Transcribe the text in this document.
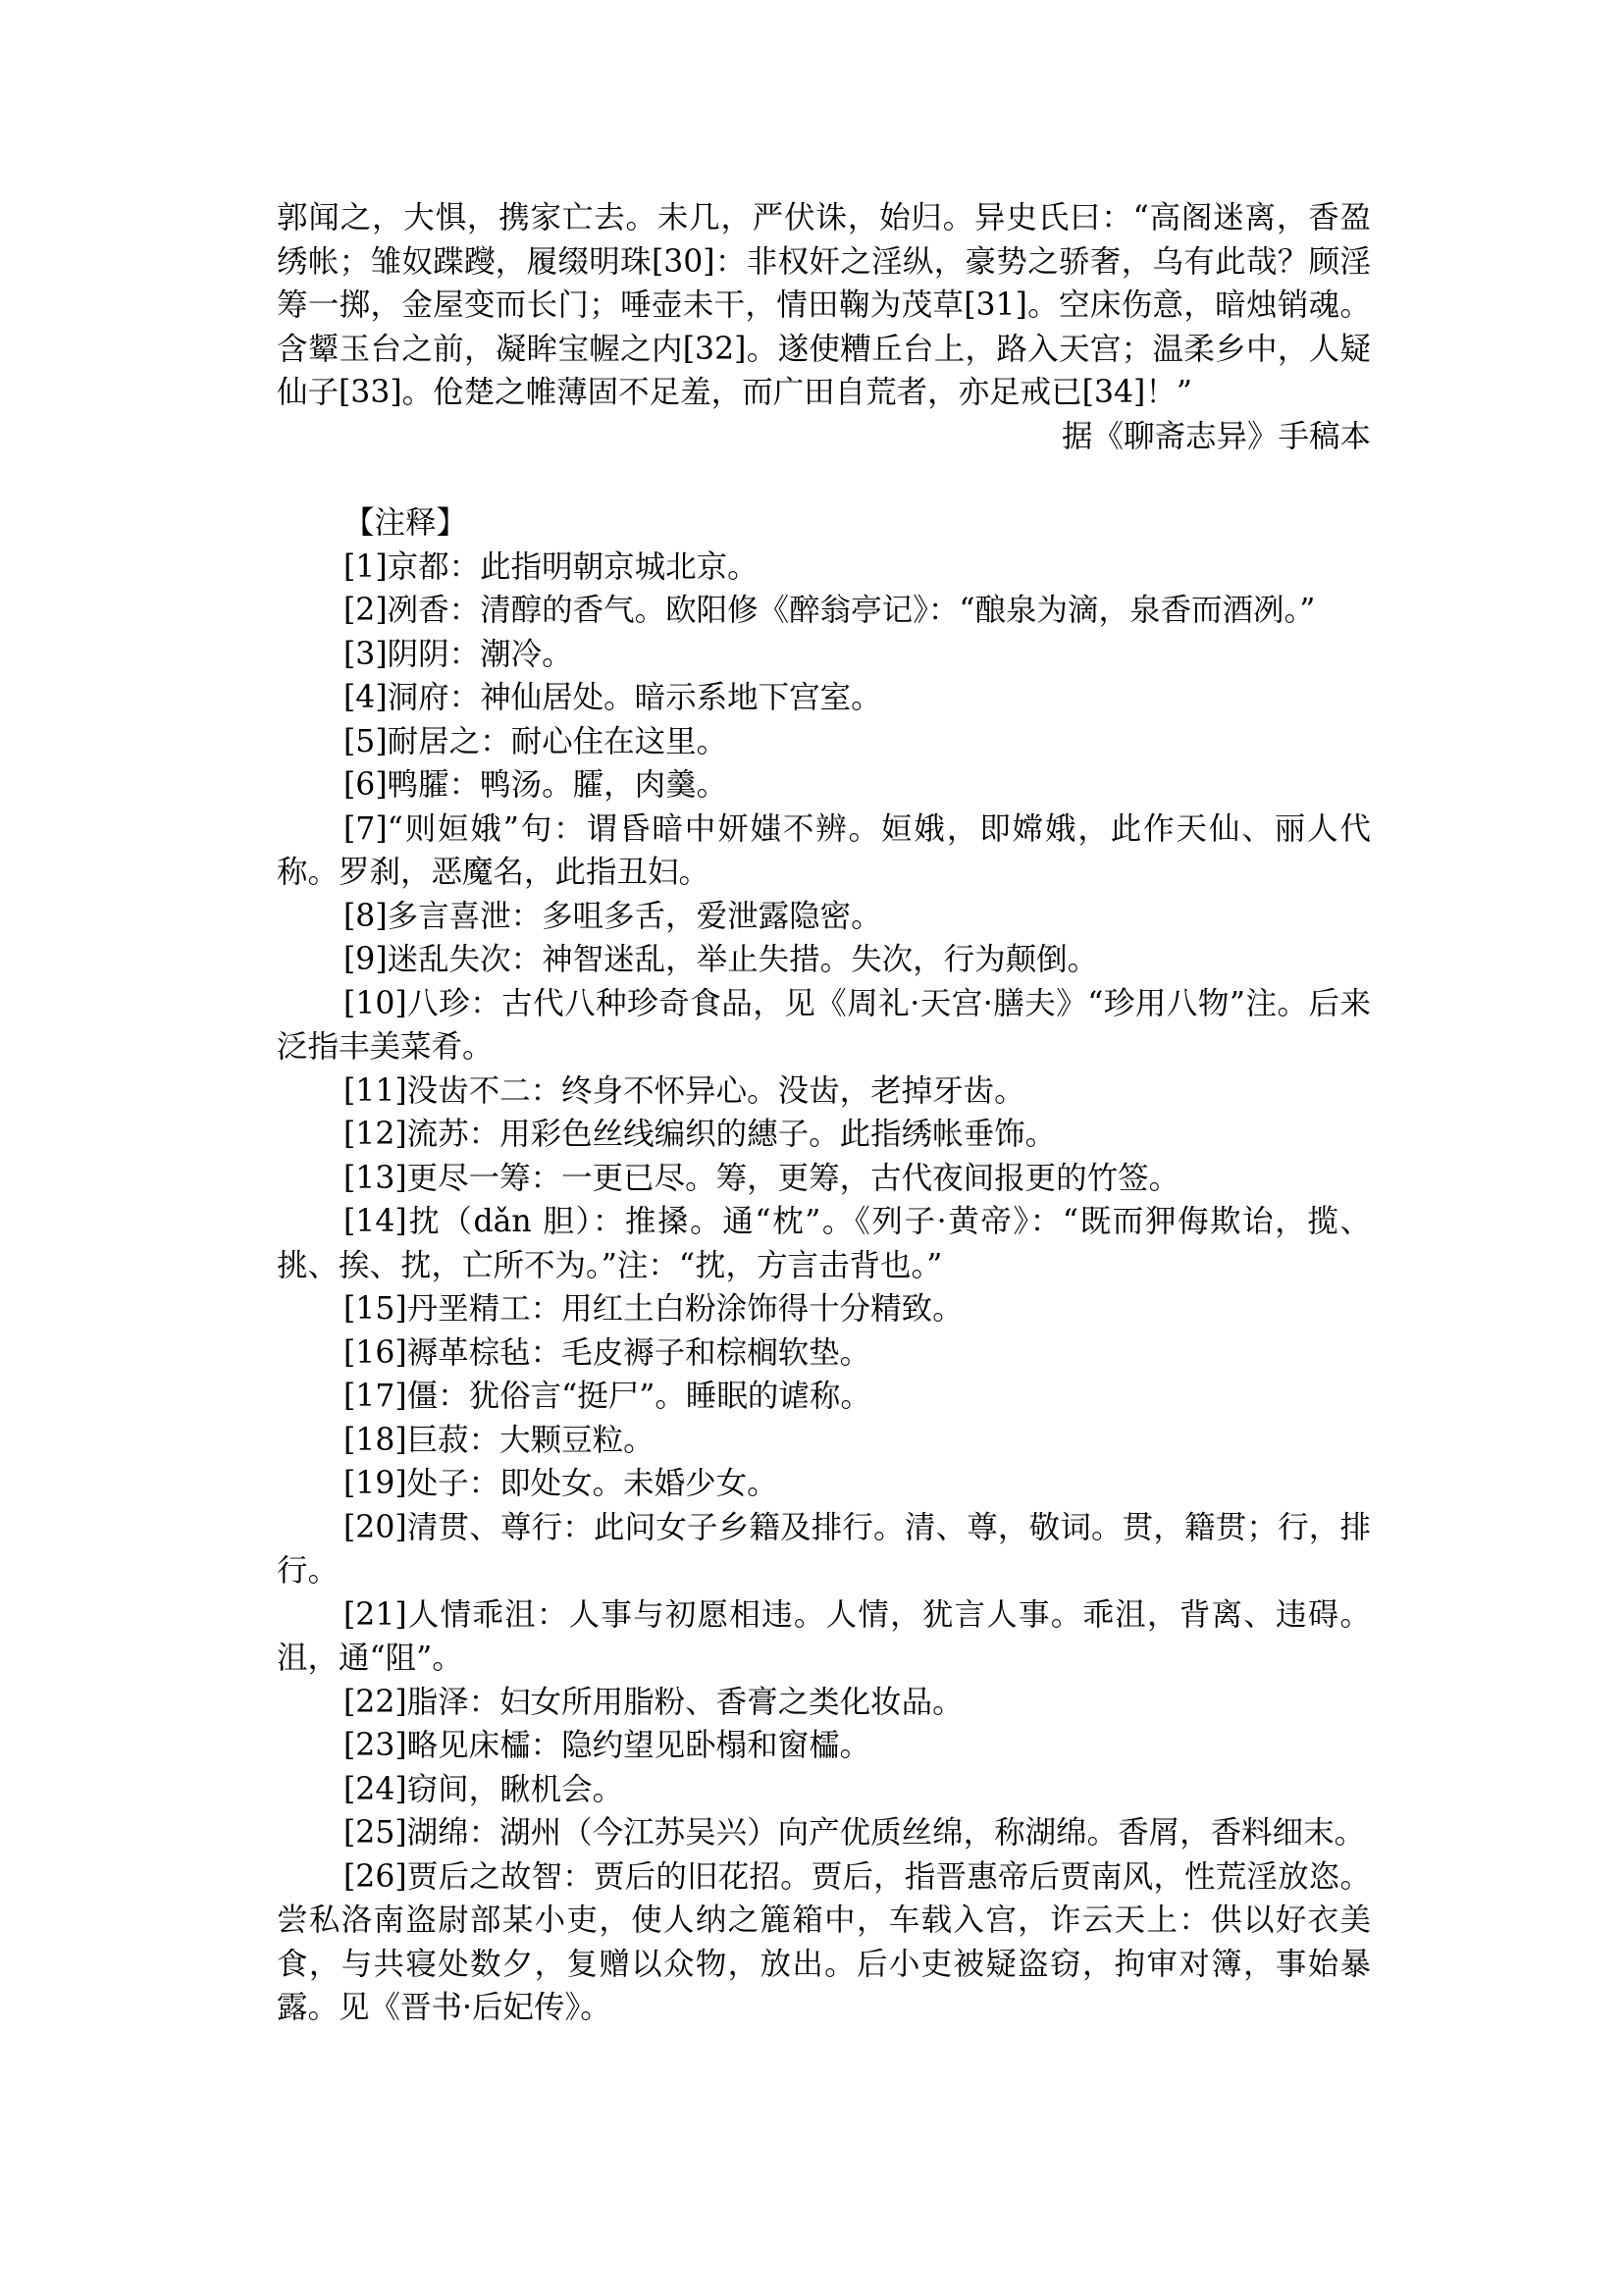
郭闻之，大惧，携家亡去。未几，严伏诛，始归。异史氏曰：“高阁迷离，香盈绣帐；雏奴蹀躞，履缀明珠[30]：非权奸之淫纵，豪势之骄奢，乌有此哉？顾淫筹一掷，金屋变而长门；唾壶未干，情田鞠为茂草[31]。空床伤意，暗烛销魂。含颦玉台之前，凝眸宝幄之内[32]。遂使糟丘台上，路入天宫；温柔乡中，人疑仙子[33]。伧楚之帷薄固不足羞，而广田自荒者，亦足戒已[34]！”

据《聊斋志异》手稿本

【注释】

[1]京都：此指明朝京城北京。

[2]冽香：清醇的香气。欧阳修《醉翁亭记》：“酿泉为滴，泉香而酒冽。”

[3]阴阴：潮冷。

[4]洞府：神仙居处。暗示系地下宫室。

[5]耐居之：耐心住在这里。

[6]鸭臛：鸭汤。臛，肉羹。

[7]“则姮娥”句：谓昏暗中妍媸不辨。姮娥，即嫦娥，此作天仙、丽人代称。罗刹，恶魔名，此指丑妇。

[8]多言喜泄：多咀多舌，爱泄露隐密。

[9]迷乱失次：神智迷乱，举止失措。失次，行为颠倒。

[10]八珍：古代八种珍奇食品，见《周礼·天宫·膳夫》“珍用八物”注。后来泛指丰美菜肴。

[11]没齿不二：终身不怀异心。没齿，老掉牙齿。

[12]流苏：用彩色丝线编织的繐子。此指绣帐垂饰。

[13]更尽一筹：一更已尽。筹，更筹，古代夜间报更的竹签。

[14]抌（dǎn 胆）：推搡。通“枕”。《列子·黄帝》：“既而狎侮欺诒，揽、挑、挨、抌，亡所不为。”注：“抌，方言击背也。”

[15]丹垩精工：用红土白粉涂饰得十分精致。

[16]褥革棕毡：毛皮褥子和棕榈软垫。

[17]僵：犹俗言“挺尸”。睡眠的谑称。

[18]巨菽：大颗豆粒。

[19]处子：即处女。未婚少女。

[20]清贯、尊行：此问女子乡籍及排行。清、尊，敬词。贯，籍贯；行，排行。

[21]人情乖沮：人事与初愿相违。人情，犹言人事。乖沮，背离、违碍。沮，通“阻”。

[22]脂泽：妇女所用脂粉、香膏之类化妆品。

[23]略见床櫺：隐约望见卧榻和窗櫺。

[24]窃间，瞅机会。

[25]湖绵：湖州（今江苏吴兴）向产优质丝绵，称湖绵。香屑，香料细末。

[26]贾后之故智：贾后的旧花招。贾后，指晋惠帝后贾南风，性荒淫放恣。尝私洛南盗尉部某小吏，使人纳之簏箱中，车载入宫，诈云天上：供以好衣美食，与共寝处数夕，复赠以众物，放出。后小吏被疑盗窃，拘审对簿，事始暴露。见《晋书·后妃传》。
